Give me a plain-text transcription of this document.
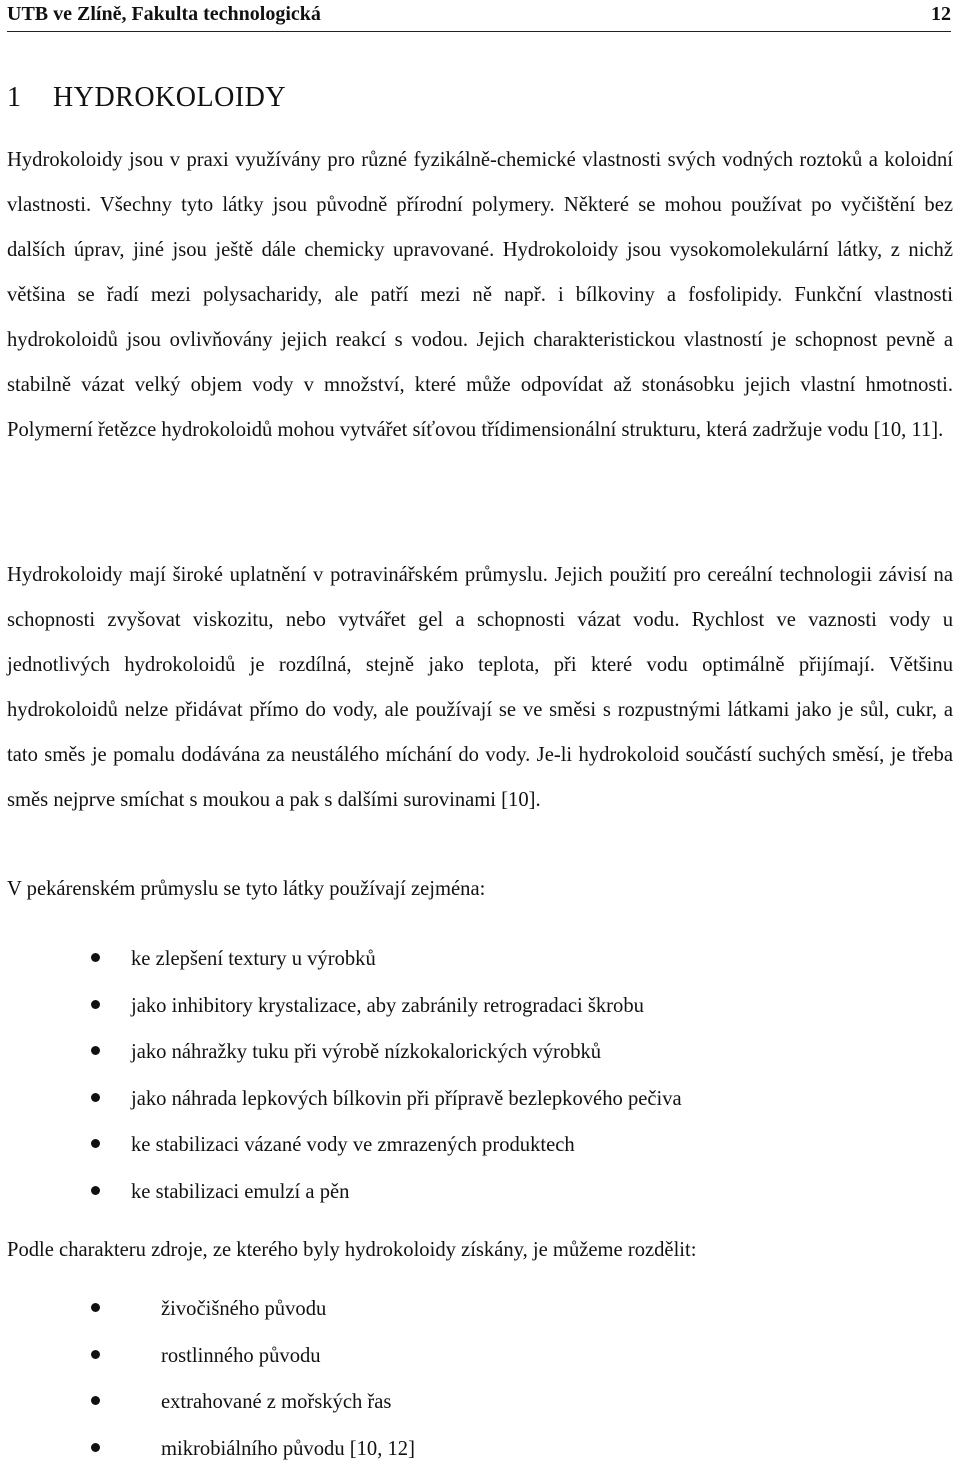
UTB ve Zlíně, Fakulta technologická	12
1 HYDROKOLOIDY

Hydrokoloidy jsou v praxi využívány pro různé fyzikálně-chemické vlastnosti svých vodných roztoků a koloidní vlastnosti. Všechny tyto látky jsou původně přírodní polymery. Některé se mohou používat po vyčištění bez dalších úprav, jiné jsou ještě dále chemicky upravované. Hydrokoloidy jsou vysokomolekulární látky, z nichž většina se řadí mezi polysacharidy, ale patří mezi ně např. i bílkoviny a fosfolipidy. Funkční vlastnosti hydrokoloidů jsou ovlivňovány jejich reakcí s vodou. Jejich charakteristickou vlastností je schopnost pevně a stabilně vázat velký objem vody v množství, které může odpovídat až stonásobku jejich vlastní hmotnosti. Polymerní řetězce hydrokoloidů mohou vytvářet síťovou třídimensionální strukturu, která zadržuje vodu [10, 11].

Hydrokoloidy mají široké uplatnění v potravinářském průmyslu. Jejich použití pro cereální technologii závisí na schopnosti zvyšovat viskozitu, nebo vytvářet gel a schopnosti vázat vodu. Rychlost ve vaznosti vody u jednotlivých hydrokoloidů je rozdílná, stejně jako teplota, při které vodu optimálně přijímají. Většinu hydrokoloidů nelze přidávat přímo do vody, ale používají se ve směsi s rozpustnými látkami jako je sůl, cukr, a tato směs je pomalu dodávána za neustálého míchání do vody. Je-li hydrokoloid součástí suchých směsí, je třeba směs nejprve smíchat s moukou a pak s dalšími surovinami [10].

V pekárenském průmyslu se tyto látky používají zejména:

ke zlepšení textury u výrobků
jako inhibitory krystalizace, aby zabránily retrogradaci škrobu
jako náhražky tuku při výrobě nízkokalorických výrobků
jako náhrada lepkových bílkovin při přípravě bezlepkového pečiva
ke stabilizaci vázané vody ve zmrazených produktech
ke stabilizaci emulzí a pěn

Podle charakteru zdroje, ze kterého byly hydrokoloidy získány, je můžeme rozdělit:

živočišného původu
rostlinného původu
extrahované z mořských řas
mikrobiálního původu [10, 12]
